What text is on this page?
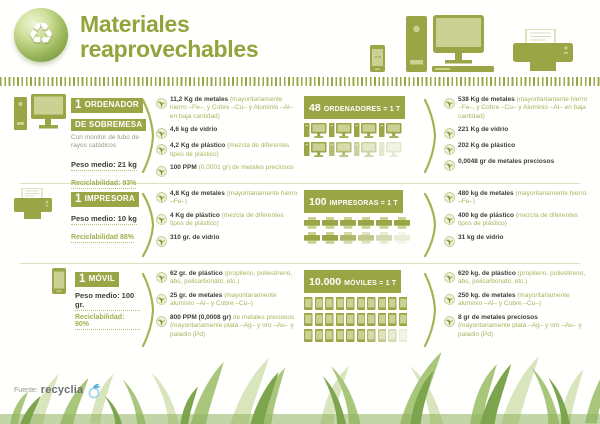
♻ Materiales
reaprovechables
1 ORDENADOR DE SOBREMESA
Con monitor de tubo de rayos catódicos
Peso medio: 21 kg
Reciclabilidad: 93%
11,2 Kg de metales (mayoritariamente hierro –Fe–, y Cobre –Cu– y Aluminio –Al– en baja cantidad)
4,6 kg de vidrio
4,2 Kg de plástico (mezcla de diferentes tipos de plástico)
100 PPM (0,0001 gr) de metales preciosos
48 ORDENADORES = 1 T
538 Kg de metales (mayoritariamente hierro –Fe–, y Cobre –Cu– y Aluminio –Al– en baja cantidad)
221 Kg de vidrio
202 Kg de plástico
0,0048 gr de metales preciosos
1 IMPRESORA
Peso medio: 10 kg
Reciclabilidad 88%
4,8 Kg de metales (mayoritariamente hierro –Fe–)
4 Kg de plástico (mezcla de diferentes tipos de plástico)
310 gr. de vidrio
100 IMPRESORAS = 1 T
480 kg de metales (mayoritariamente hierro –Fe–)
400 kg de plástico (mezcla de diferentes tipos de plástico)
31 kg de vidrio
1 MÓVIL
Peso medio: 100 gr.
Reciclabilidad: 90%
62 gr. de plástico (propileno, poliestireno, abs, policarbonato, etc.)
25 gr. de metales (mayoritariamente aluminio –Al– y Cobre –Cu–)
800 PPM (0,0008 gr) de metales preciosos (mayoritariamente plata –Ag– y oro –Au– y paladio (Pd)
10.000 MÓVILES = 1 T
620 kg. de plástico (propileno, poliestireno, abs, policarbonato, etc.)
250 kg. de metales (mayoritariamente aluminio –Al– y Cobre –Cu–)
8 gr de metales preciosos (mayoritariamente plata –Ag– y oro –Au– y paladio (Pd)
Fuente: recyclia
